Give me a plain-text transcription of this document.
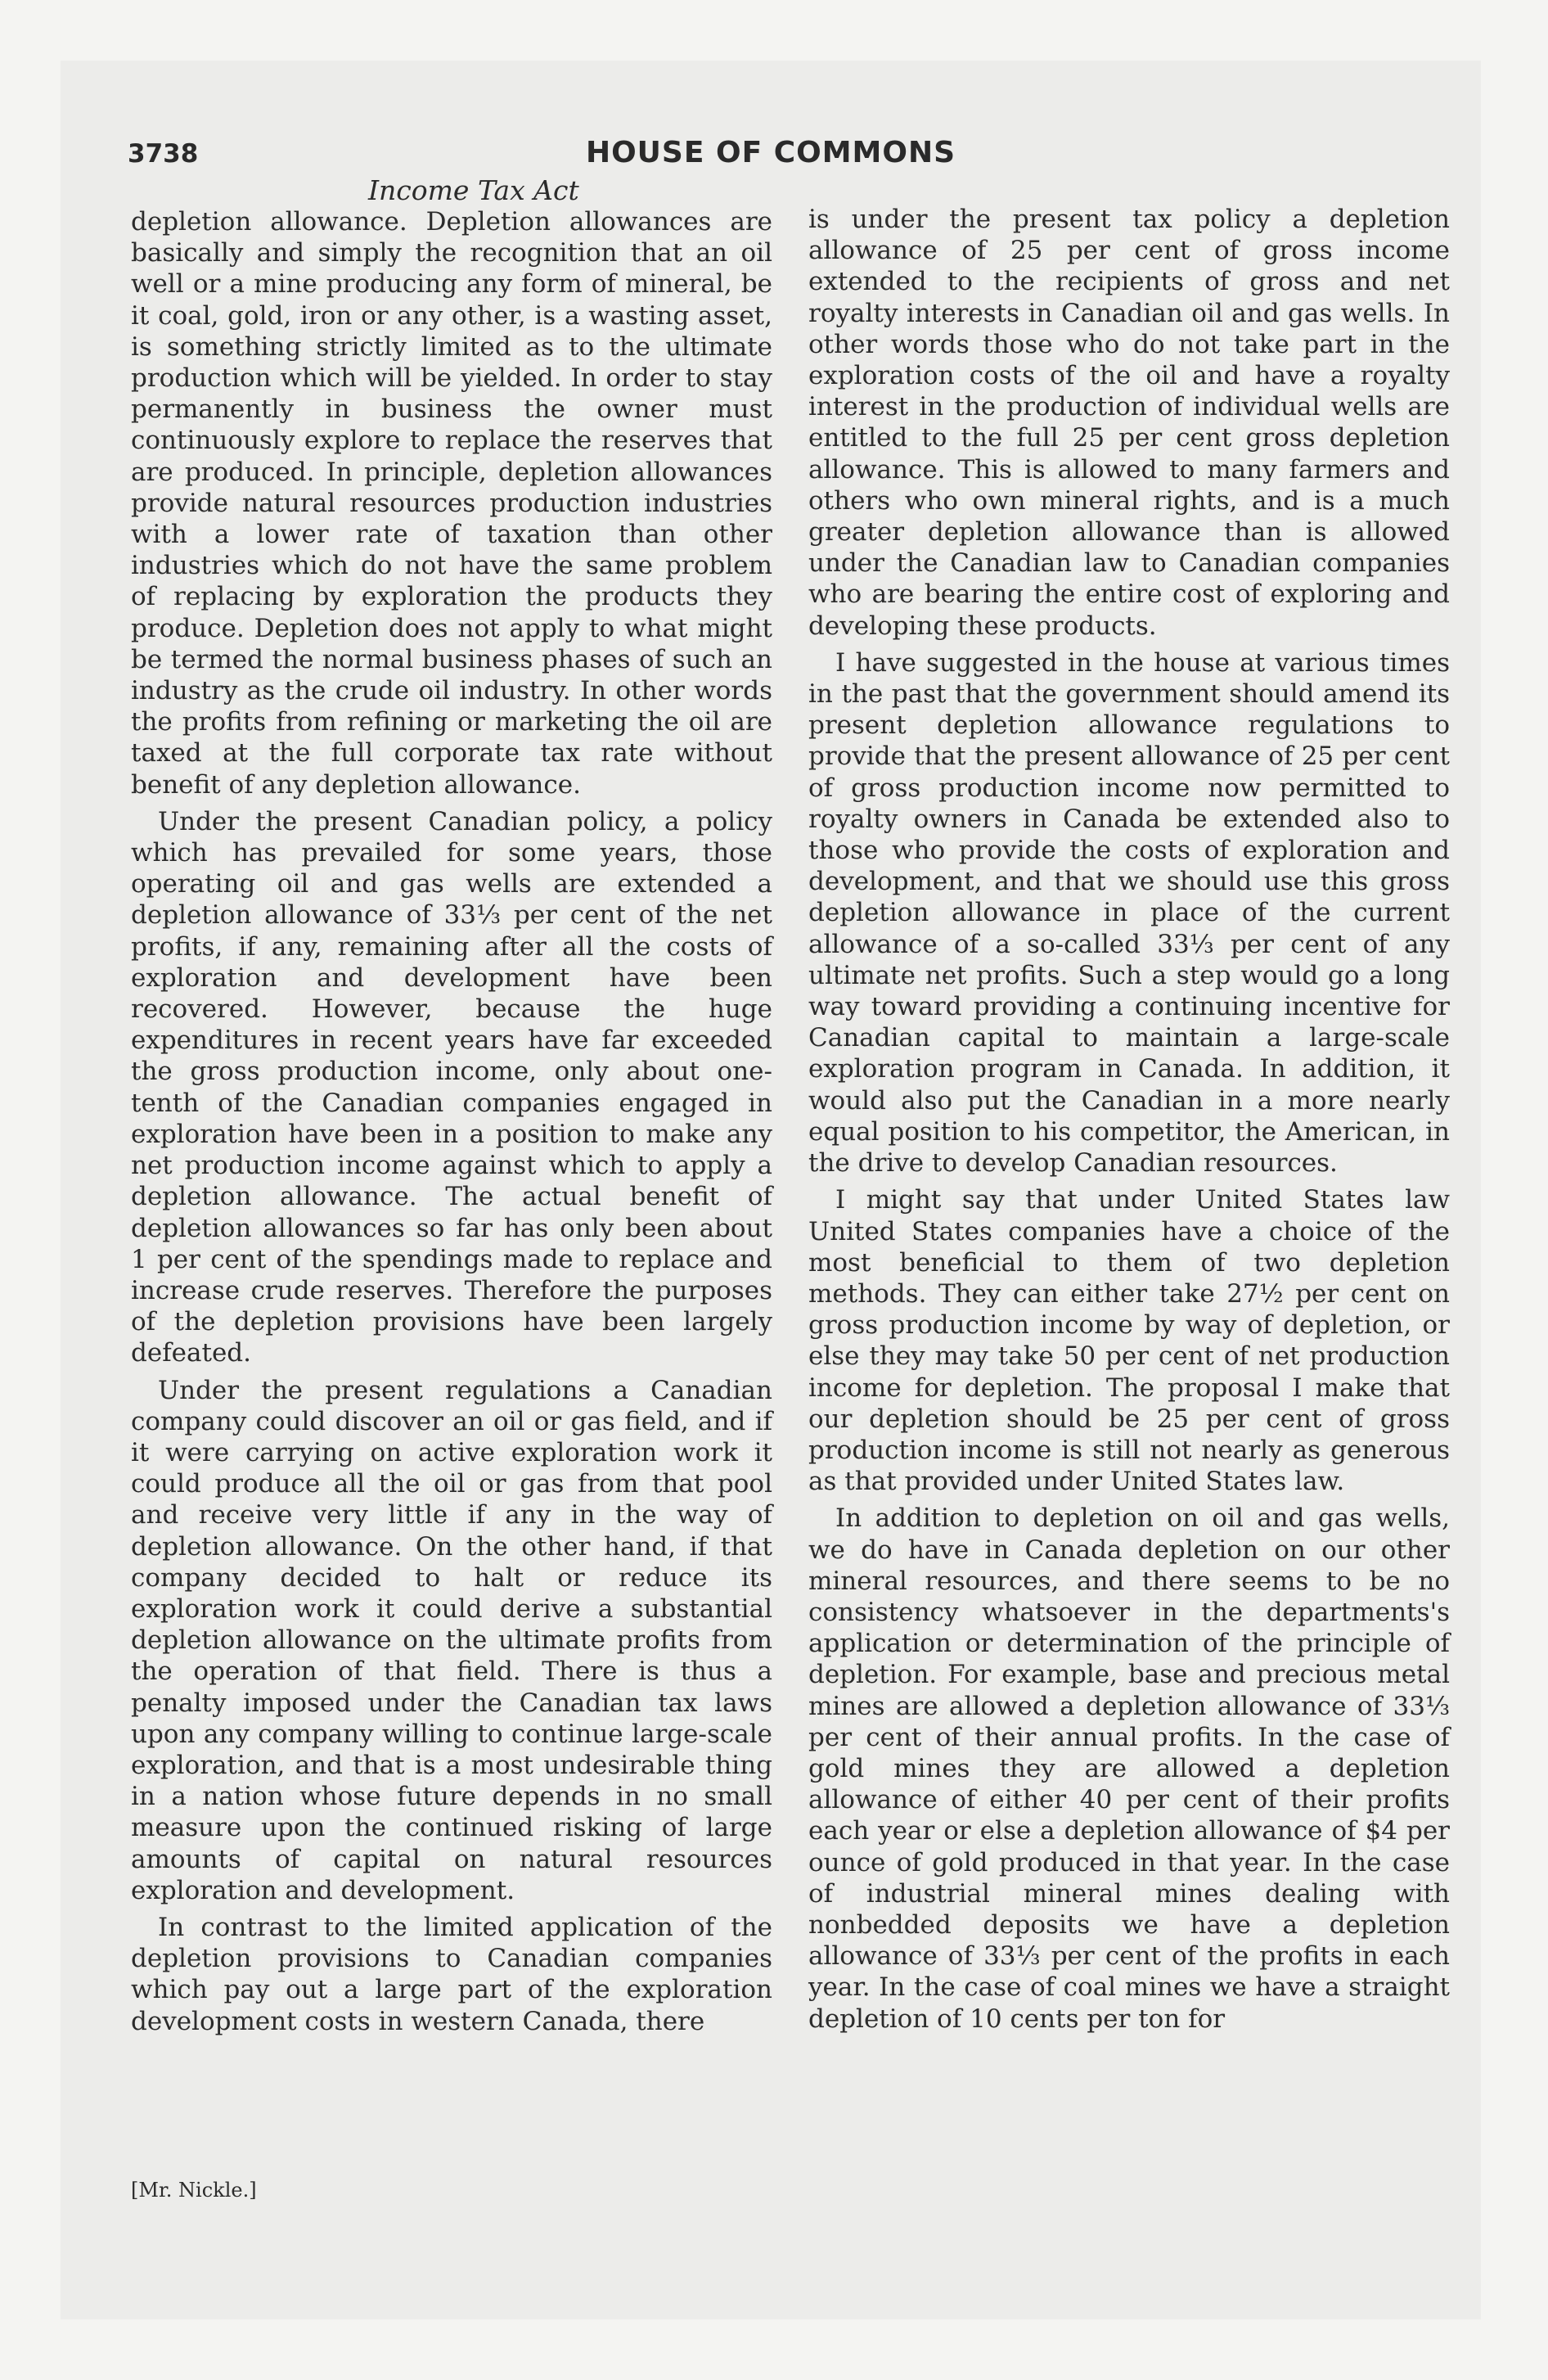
3738	HOUSE OF COMMONS
Income Tax Act

depletion allowance. Depletion allowances are basically and simply the recognition that an oil well or a mine producing any form of mineral, be it coal, gold, iron or any other, is a wasting asset, is something strictly limited as to the ultimate production which will be yielded. In order to stay permanently in business the owner must continuously explore to replace the reserves that are produced. In principle, depletion allowances provide natural resources production industries with a lower rate of taxation than other industries which do not have the same problem of replacing by exploration the products they produce. Depletion does not apply to what might be termed the normal business phases of such an industry as the crude oil industry. In other words the profits from refining or marketing the oil are taxed at the full corporate tax rate without benefit of any depletion allowance.

Under the present Canadian policy, a policy which has prevailed for some years, those operating oil and gas wells are extended a depletion allowance of 33⅓ per cent of the net profits, if any, remaining after all the costs of exploration and development have been recovered. However, because the huge expenditures in recent years have far exceeded the gross production income, only about one-tenth of the Canadian companies engaged in exploration have been in a position to make any net production income against which to apply a depletion allowance. The actual benefit of depletion allowances so far has only been about 1 per cent of the spendings made to replace and increase crude reserves. Therefore the purposes of the depletion provisions have been largely defeated.

Under the present regulations a Canadian company could discover an oil or gas field, and if it were carrying on active exploration work it could produce all the oil or gas from that pool and receive very little if any in the way of depletion allowance. On the other hand, if that company decided to halt or reduce its exploration work it could derive a substantial depletion allowance on the ultimate profits from the operation of that field. There is thus a penalty imposed under the Canadian tax laws upon any company willing to continue large-scale exploration, and that is a most undesirable thing in a nation whose future depends in no small measure upon the continued risking of large amounts of capital on natural resources exploration and development.

In contrast to the limited application of the depletion provisions to Canadian companies which pay out a large part of the exploration development costs in western Canada, there

is under the present tax policy a depletion allowance of 25 per cent of gross income extended to the recipients of gross and net royalty interests in Canadian oil and gas wells. In other words those who do not take part in the exploration costs of the oil and have a royalty interest in the production of individual wells are entitled to the full 25 per cent gross depletion allowance. This is allowed to many farmers and others who own mineral rights, and is a much greater depletion allowance than is allowed under the Canadian law to Canadian companies who are bearing the entire cost of exploring and developing these products.

I have suggested in the house at various times in the past that the government should amend its present depletion allowance regulations to provide that the present allowance of 25 per cent of gross production income now permitted to royalty owners in Canada be extended also to those who provide the costs of exploration and development, and that we should use this gross depletion allowance in place of the current allowance of a so-called 33⅓ per cent of any ultimate net profits. Such a step would go a long way toward providing a continuing incentive for Canadian capital to maintain a large-scale exploration program in Canada. In addition, it would also put the Canadian in a more nearly equal position to his competitor, the American, in the drive to develop Canadian resources.

I might say that under United States law United States companies have a choice of the most beneficial to them of two depletion methods. They can either take 27½ per cent on gross production income by way of depletion, or else they may take 50 per cent of net production income for depletion. The proposal I make that our depletion should be 25 per cent of gross production income is still not nearly as generous as that provided under United States law.

In addition to depletion on oil and gas wells, we do have in Canada depletion on our other mineral resources, and there seems to be no consistency whatsoever in the departments's application or determination of the principle of depletion. For example, base and precious metal mines are allowed a depletion allowance of 33⅓ per cent of their annual profits. In the case of gold mines they are allowed a depletion allowance of either 40 per cent of their profits each year or else a depletion allowance of $4 per ounce of gold produced in that year. In the case of industrial mineral mines dealing with nonbedded deposits we have a depletion allowance of 33⅓ per cent of the profits in each year. In the case of coal mines we have a straight depletion of 10 cents per ton for

[Mr. Nickle.]
